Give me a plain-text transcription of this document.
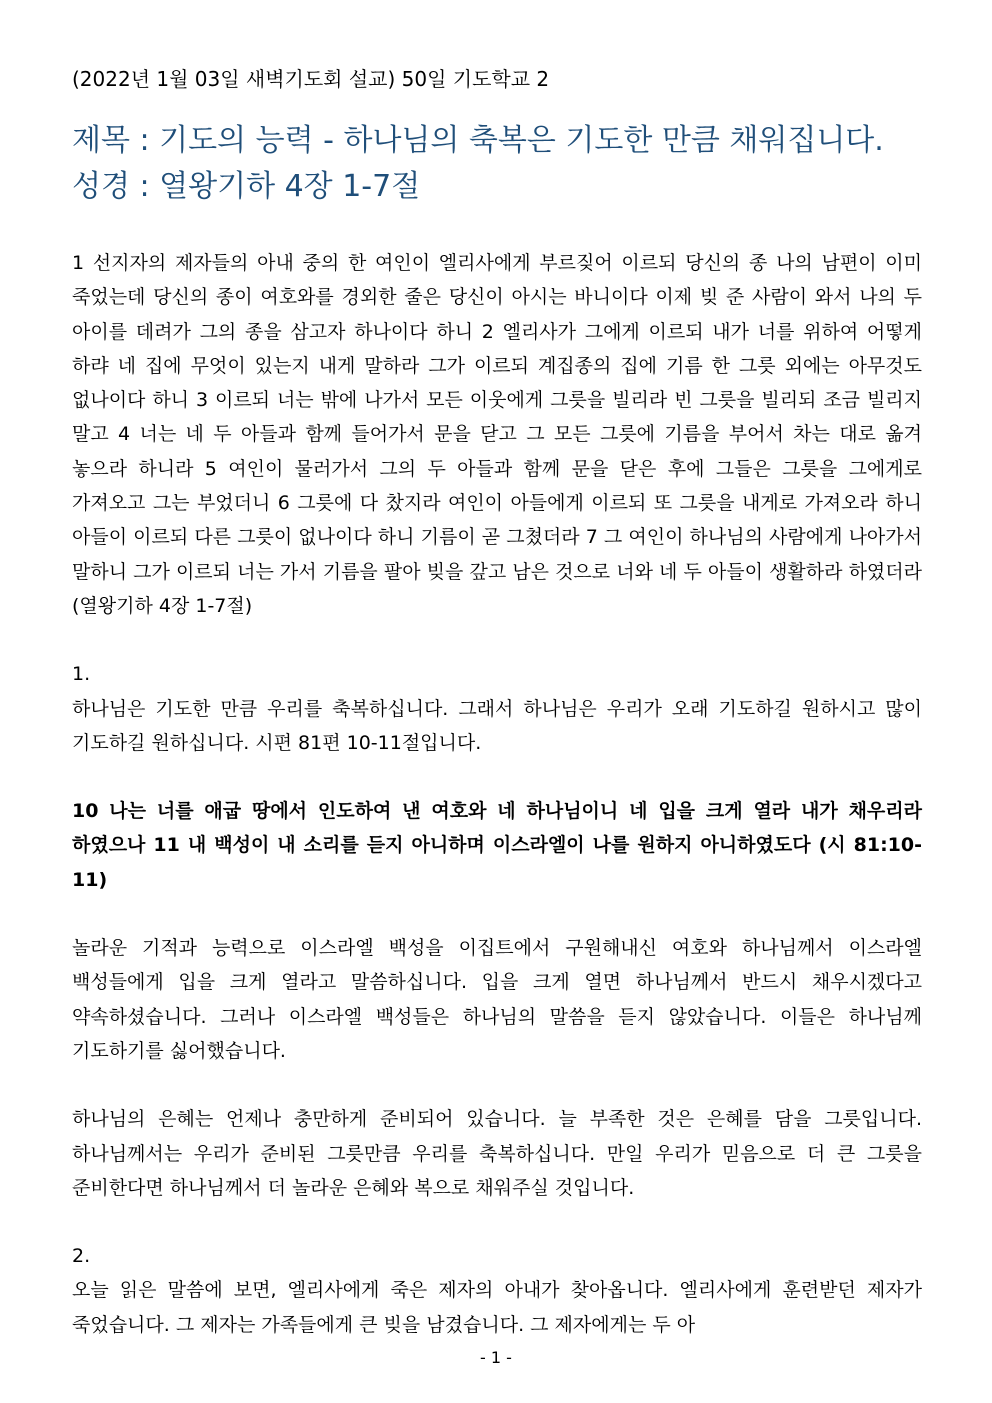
(2022년 1월 03일 새벽기도회 설교) 50일 기도학교 2

제목 : 기도의 능력 - 하나님의 축복은 기도한 만큼 채워집니다.
성경 : 열왕기하 4장 1-7절

1 선지자의 제자들의 아내 중의 한 여인이 엘리사에게 부르짖어 이르되 당신의 종 나의 남편이 이미 죽었는데 당신의 종이 여호와를 경외한 줄은 당신이 아시는 바니이다 이제 빚 준 사람이 와서 나의 두 아이를 데려가 그의 종을 삼고자 하나이다 하니 2 엘리사가 그에게 이르되 내가 너를 위하여 어떻게 하랴 네 집에 무엇이 있는지 내게 말하라 그가 이르되 계집종의 집에 기름 한 그릇 외에는 아무것도 없나이다 하니 3 이르되 너는 밖에 나가서 모든 이웃에게 그릇을 빌리라 빈 그릇을 빌리되 조금 빌리지 말고 4 너는 네 두 아들과 함께 들어가서 문을 닫고 그 모든 그릇에 기름을 부어서 차는 대로 옮겨 놓으라 하니라 5 여인이 물러가서 그의 두 아들과 함께 문을 닫은 후에 그들은 그릇을 그에게로 가져오고 그는 부었더니 6 그릇에 다 찼지라 여인이 아들에게 이르되 또 그릇을 내게로 가져오라 하니 아들이 이르되 다른 그릇이 없나이다 하니 기름이 곧 그쳤더라 7 그 여인이 하나님의 사람에게 나아가서 말하니 그가 이르되 너는 가서 기름을 팔아 빚을 갚고 남은 것으로 너와 네 두 아들이 생활하라 하였더라 (열왕기하 4장 1-7절)

1.

하나님은 기도한 만큼 우리를 축복하십니다. 그래서 하나님은 우리가 오래 기도하길 원하시고 많이 기도하길 원하십니다. 시편 81편 10-11절입니다.

10 나는 너를 애굽 땅에서 인도하여 낸 여호와 네 하나님이니 네 입을 크게 열라 내가 채우리라 하였으나 11 내 백성이 내 소리를 듣지 아니하며 이스라엘이 나를 원하지 아니하였도다 (시 81:10-11)

놀라운 기적과 능력으로 이스라엘 백성을 이집트에서 구원해내신 여호와 하나님께서 이스라엘 백성들에게 입을 크게 열라고 말씀하십니다. 입을 크게 열면 하나님께서 반드시 채우시겠다고 약속하셨습니다. 그러나 이스라엘 백성들은 하나님의 말씀을 듣지 않았습니다. 이들은 하나님께 기도하기를 싫어했습니다.

하나님의 은혜는 언제나 충만하게 준비되어 있습니다. 늘 부족한 것은 은혜를 담을 그릇입니다. 하나님께서는 우리가 준비된 그릇만큼 우리를 축복하십니다. 만일 우리가 믿음으로 더 큰 그릇을 준비한다면 하나님께서 더 놀라운 은혜와 복으로 채워주실 것입니다.

2.

오늘 읽은 말씀에 보면, 엘리사에게 죽은 제자의 아내가 찾아옵니다. 엘리사에게 훈련받던 제자가 죽었습니다. 그 제자는 가족들에게 큰 빚을 남겼습니다. 그 제자에게는 두 아

- 1 -
